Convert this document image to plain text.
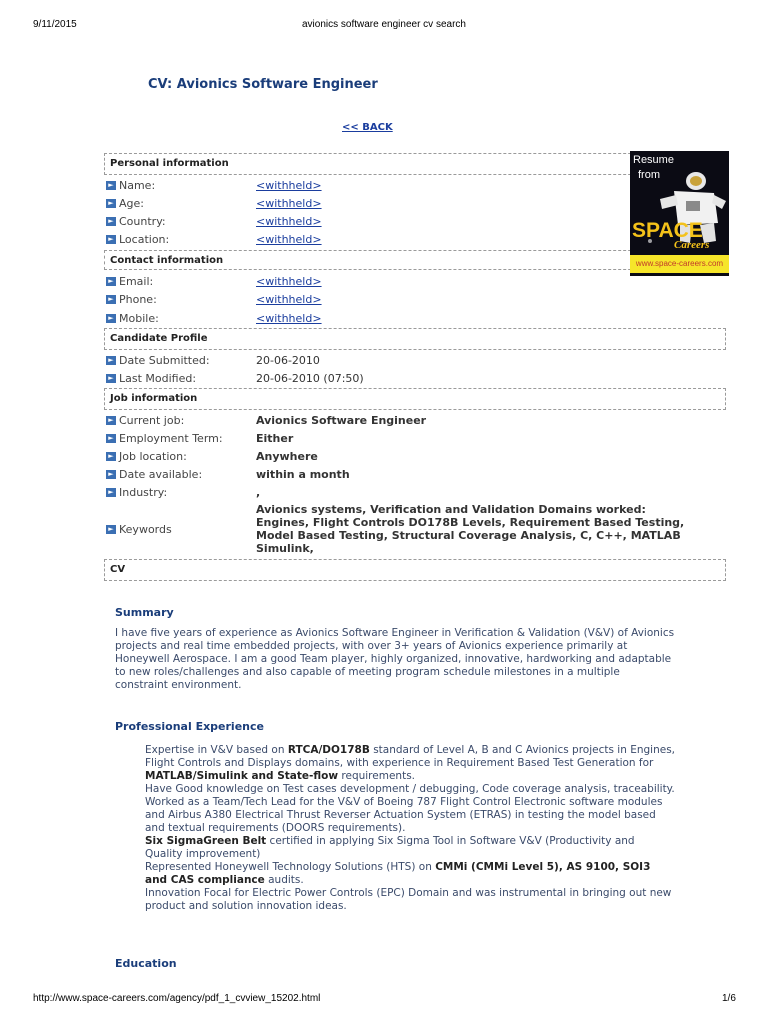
9/11/2015	avionics software engineer cv search
http://www.space-careers.com/agency/pdf_1_cvview_15202.html	1/6
CV: Avionics Software Engineer
<< BACK
Personal information
Contact information
Candidate Profile
Job information
CV
► Name:	<withheld>
► Age:	<withheld>
► Country:	<withheld>
► Location:	<withheld>
► Email:	<withheld>
► Phone:	<withheld>
► Mobile:	<withheld>
► Date Submitted:	20-06-2010
► Last Modified:	20-06-2010 (07:50)
► Current job:	Avionics Software Engineer
► Employment Term:	Either
► Job location:	Anywhere
► Date available:	within a month
► Industry:	,
► Keywords
Avionics systems, Verification and Validation Domains worked: Engines, Flight Controls DO178B Levels, Requirement Based Testing, Model Based Testing, Structural Coverage Analysis, C, C++, MATLAB Simulink,
Resume
from
SPACE
Careers
www.space-careers.com
Summary

I have five years of experience as Avionics Software Engineer in Verification & Validation (V&V) of Avionics projects and real time embedded projects, with over 3+ years of Avionics experience primarily at Honeywell Aerospace. I am a good Team player, highly organized, innovative, hardworking and adaptable to new roles/challenges and also capable of meeting program schedule milestones in a multiple constraint environment.

Professional Experience
Expertise in V&V based on RTCA/DO178B standard of Level A, B and C Avionics projects in Engines, Flight Controls and Displays domains, with experience in Requirement Based Test Generation for MATLAB/Simulink and State-flow requirements.
Have Good knowledge on Test cases development / debugging, Code coverage analysis, traceability.
Worked as a Team/Tech Lead for the V&V of Boeing 787 Flight Control Electronic software modules and Airbus A380 Electrical Thrust Reverser Actuation System (ETRAS) in testing the model based and textual requirements (DOORS requirements).
Six SigmaGreen Belt certified in applying Six Sigma Tool in Software V&V (Productivity and Quality improvement)
Represented Honeywell Technology Solutions (HTS) on CMMi (CMMi Level 5), AS 9100, SOI3 and CAS compliance audits.
Innovation Focal for Electric Power Controls (EPC) Domain and was instrumental in bringing out new product and solution innovation ideas.
Education
